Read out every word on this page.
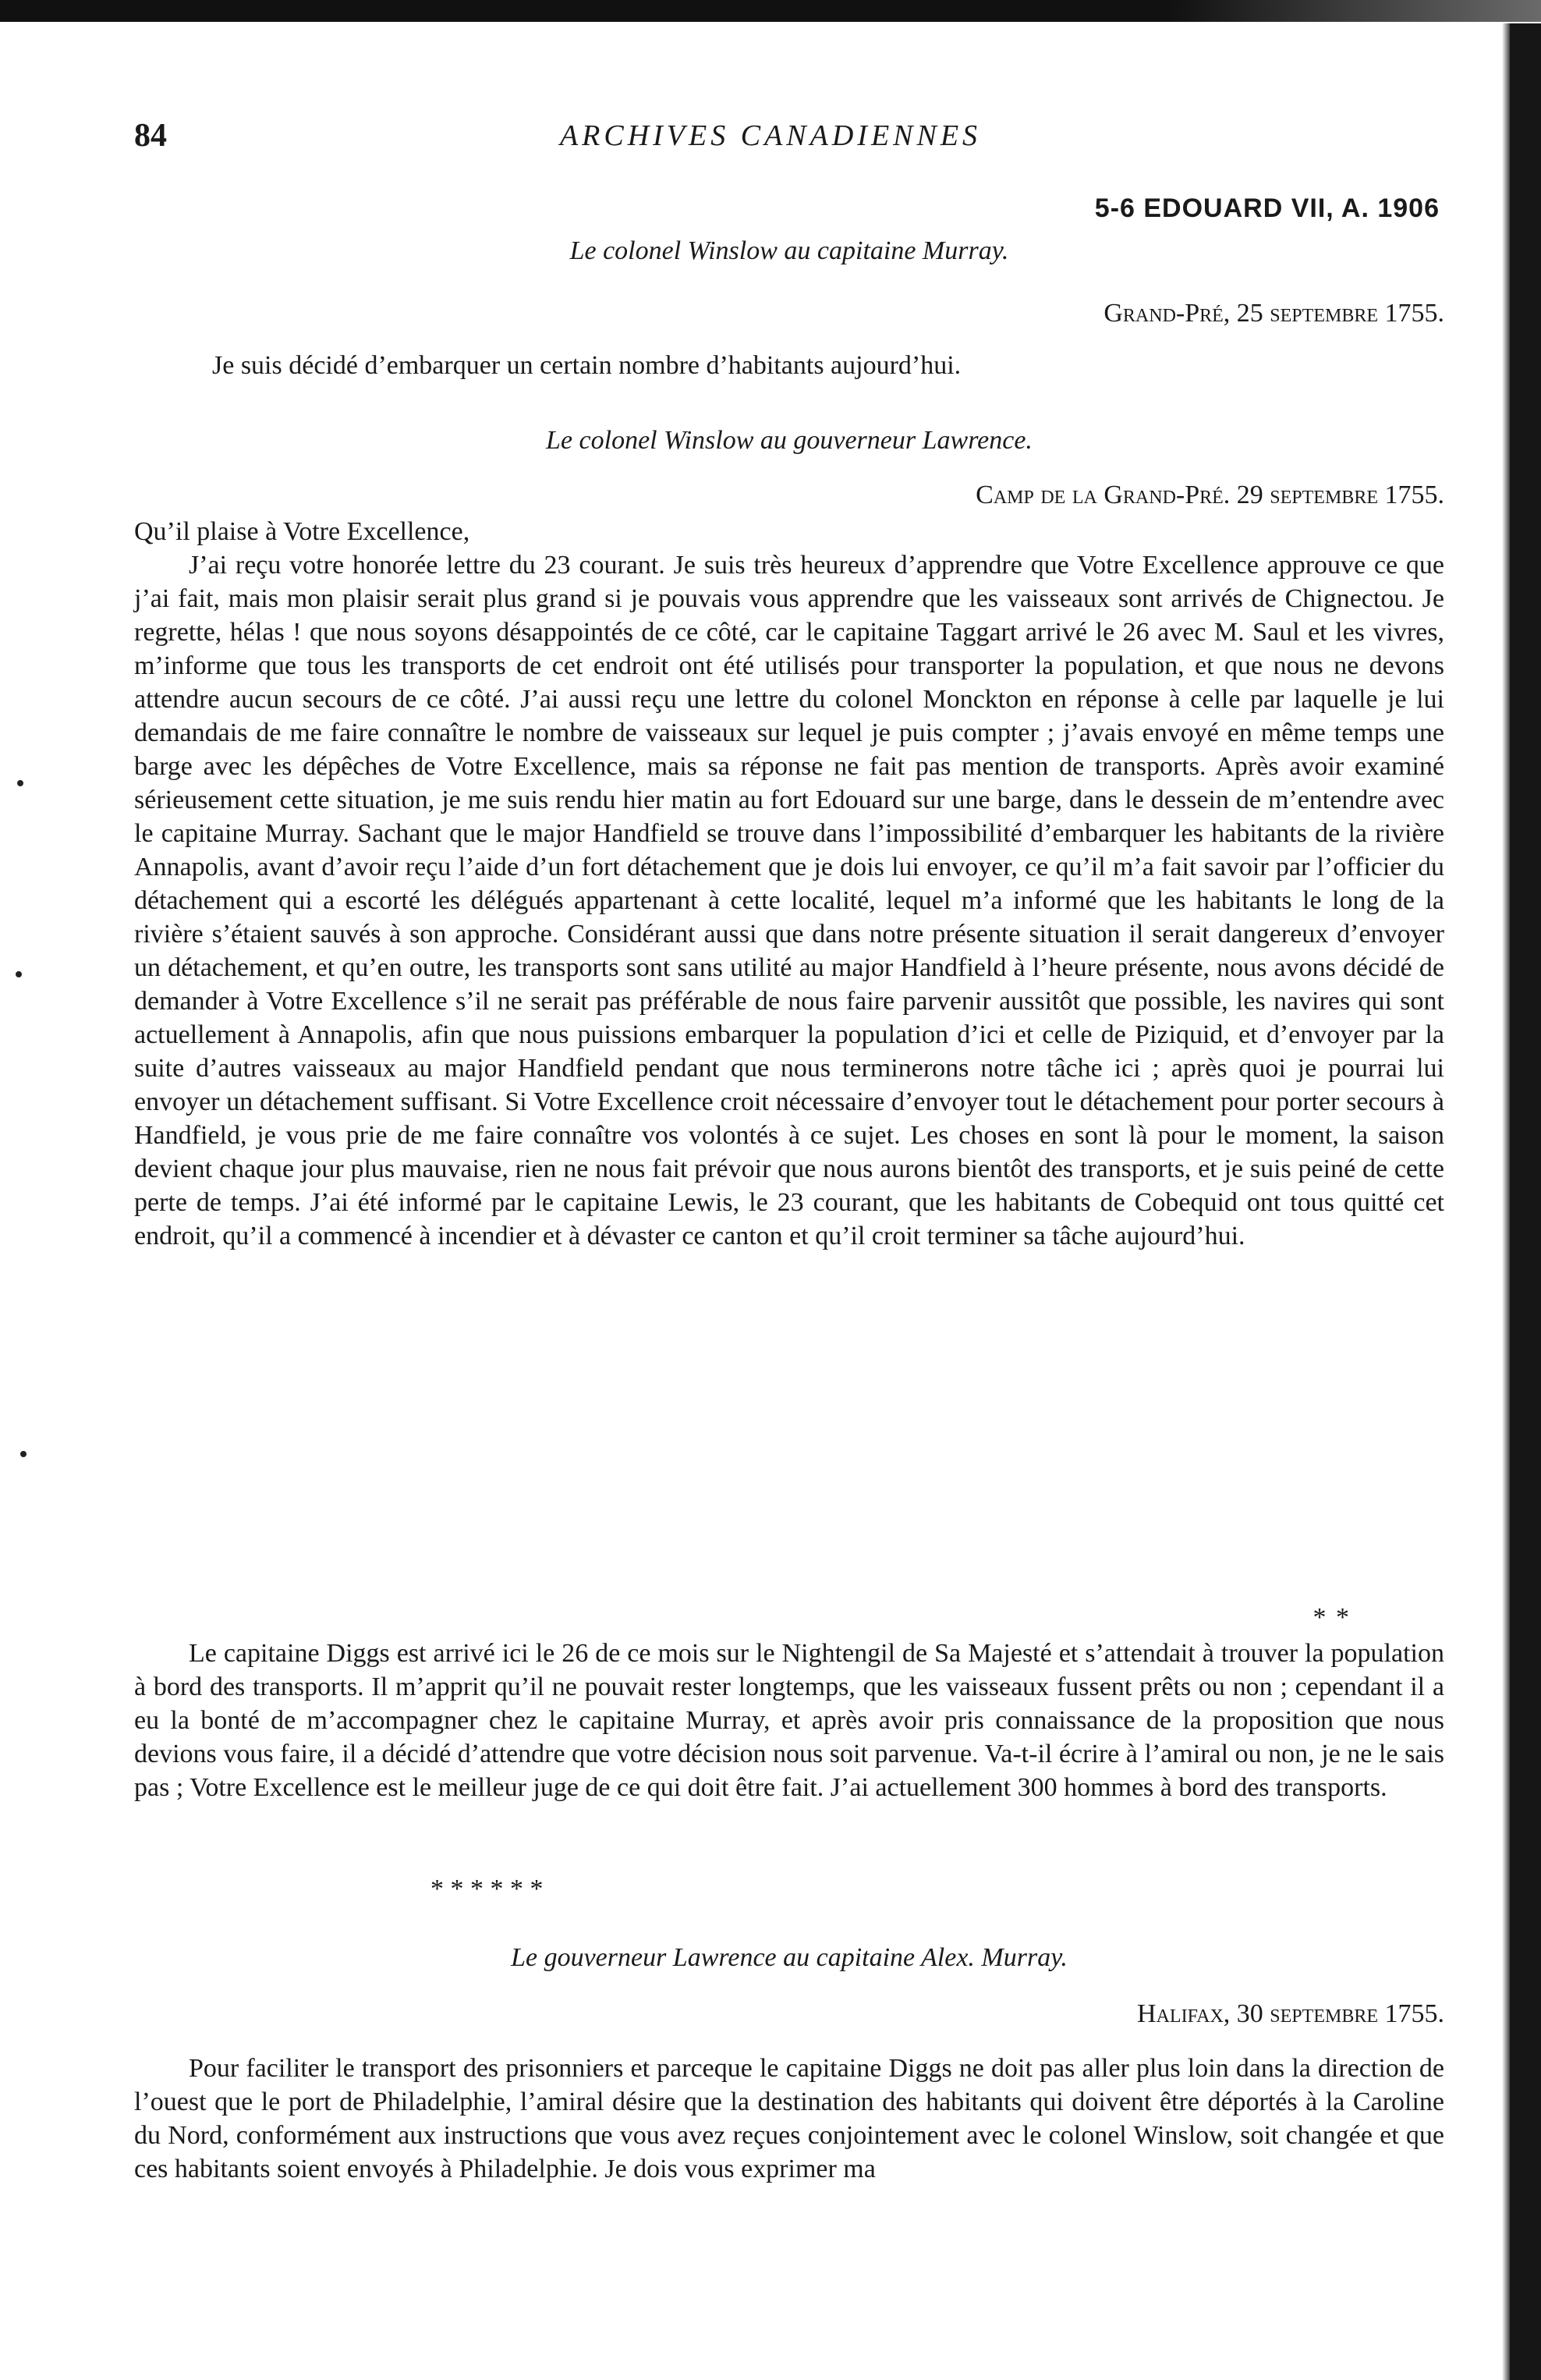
84	ARCHIVES CANADIENNES
5-6 EDOUARD VII, A. 1906

Le colonel Winslow au capitaine Murray.

Grand-Pré, 25 septembre 1755.

Je suis décidé d’embarquer un certain nombre d’habitants aujourd’hui.

Le colonel Winslow au gouverneur Lawrence.

Camp de la Grand-Pré. 29 septembre 1755.

Qu’il plaise à Votre Excellence,

J’ai reçu votre honorée lettre du 23 courant. Je suis très heureux d’apprendre que Votre Excellence approuve ce que j’ai fait, mais mon plaisir serait plus grand si je pouvais vous apprendre que les vaisseaux sont arrivés de Chignectou. Je regrette, hélas ! que nous soyons désappointés de ce côté, car le capitaine Taggart arrivé le 26 avec M. Saul et les vivres, m’informe que tous les transports de cet endroit ont été utilisés pour transporter la population, et que nous ne devons attendre aucun secours de ce côté. J’ai aussi reçu une lettre du colonel Monckton en réponse à celle par laquelle je lui demandais de me faire connaître le nombre de vaisseaux sur lequel je puis compter ; j’avais envoyé en même temps une barge avec les dépêches de Votre Excellence, mais sa réponse ne fait pas mention de transports. Après avoir examiné sérieusement cette situation, je me suis rendu hier matin au fort Edouard sur une barge, dans le dessein de m’entendre avec le capitaine Murray. Sachant que le major Handfield se trouve dans l’impossibilité d’embarquer les habitants de la rivière Annapolis, avant d’avoir reçu l’aide d’un fort détachement que je dois lui envoyer, ce qu’il m’a fait savoir par l’officier du détachement qui a escorté les délégués appartenant à cette localité, lequel m’a informé que les habitants le long de la rivière s’étaient sauvés à son approche. Considérant aussi que dans notre présente situation il serait dangereux d’envoyer un détachement, et qu’en outre, les transports sont sans utilité au major Handfield à l’heure présente, nous avons décidé de demander à Votre Excellence s’il ne serait pas préférable de nous faire parvenir aussitôt que possible, les navires qui sont actuellement à Annapolis, afin que nous puissions embarquer la population d’ici et celle de Piziquid, et d’envoyer par la suite d’autres vaisseaux au major Handfield pendant que nous terminerons notre tâche ici ; après quoi je pourrai lui envoyer un détachement suffisant. Si Votre Excellence croit nécessaire d’envoyer tout le détachement pour porter secours à Handfield, je vous prie de me faire connaître vos volontés à ce sujet. Les choses en sont là pour le moment, la saison devient chaque jour plus mauvaise, rien ne nous fait prévoir que nous aurons bientôt des transports, et je suis peiné de cette perte de temps. J’ai été informé par le capitaine Lewis, le 23 courant, que les habitants de Cobequid ont tous quitté cet endroit, qu’il a commencé à incendier et à dévaster ce canton et qu’il croit terminer sa tâche aujourd’hui.

* *

Le capitaine Diggs est arrivé ici le 26 de ce mois sur le Nightengil de Sa Majesté et s’attendait à trouver la population à bord des transports. Il m’apprit qu’il ne pouvait rester longtemps, que les vaisseaux fussent prêts ou non ; cependant il a eu la bonté de m’accompagner chez le capitaine Murray, et après avoir pris connaissance de la proposition que nous devions vous faire, il a décidé d’attendre que votre décision nous soit parvenue. Va-t-il écrire à l’amiral ou non, je ne le sais pas ; Votre Excellence est le meilleur juge de ce qui doit être fait. J’ai actuellement 300 hommes à bord des transports.

* * * * * *

Le gouverneur Lawrence au capitaine Alex. Murray.

Halifax, 30 septembre 1755.

Pour faciliter le transport des prisonniers et parceque le capitaine Diggs ne doit pas aller plus loin dans la direction de l’ouest que le port de Philadelphie, l’amiral désire que la destination des habitants qui doivent être déportés à la Caroline du Nord, conformément aux instructions que vous avez reçues conjointement avec le colonel Winslow, soit changée et que ces habitants soient envoyés à Philadelphie. Je dois vous exprimer ma
